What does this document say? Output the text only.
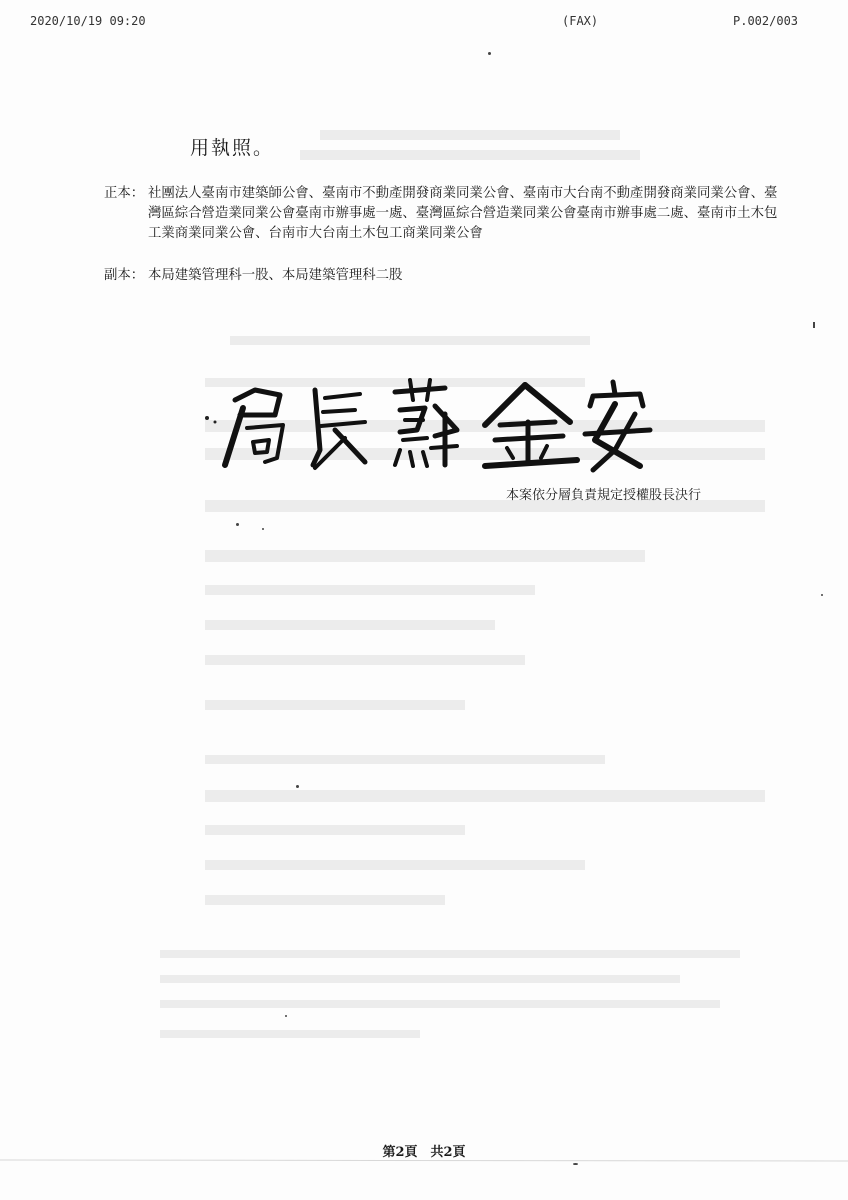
2020/10/19 09:20	(FAX)	P.002/003
用執照。
正本： 社團法人臺南市建築師公會、臺南市不動產開發商業同業公會、臺南市大台南不動產開發商業同業公會、臺灣區綜合營造業同業公會臺南市辦事處一處、臺灣區綜合營造業同業公會臺南市辦事處二處、臺南市土木包工業商業同業公會、台南市大台南土木包工商業同業公會
副本： 本局建築管理科一股、本局建築管理科二股
本案依分層負責規定授權股長決行
第2頁　共2頁
